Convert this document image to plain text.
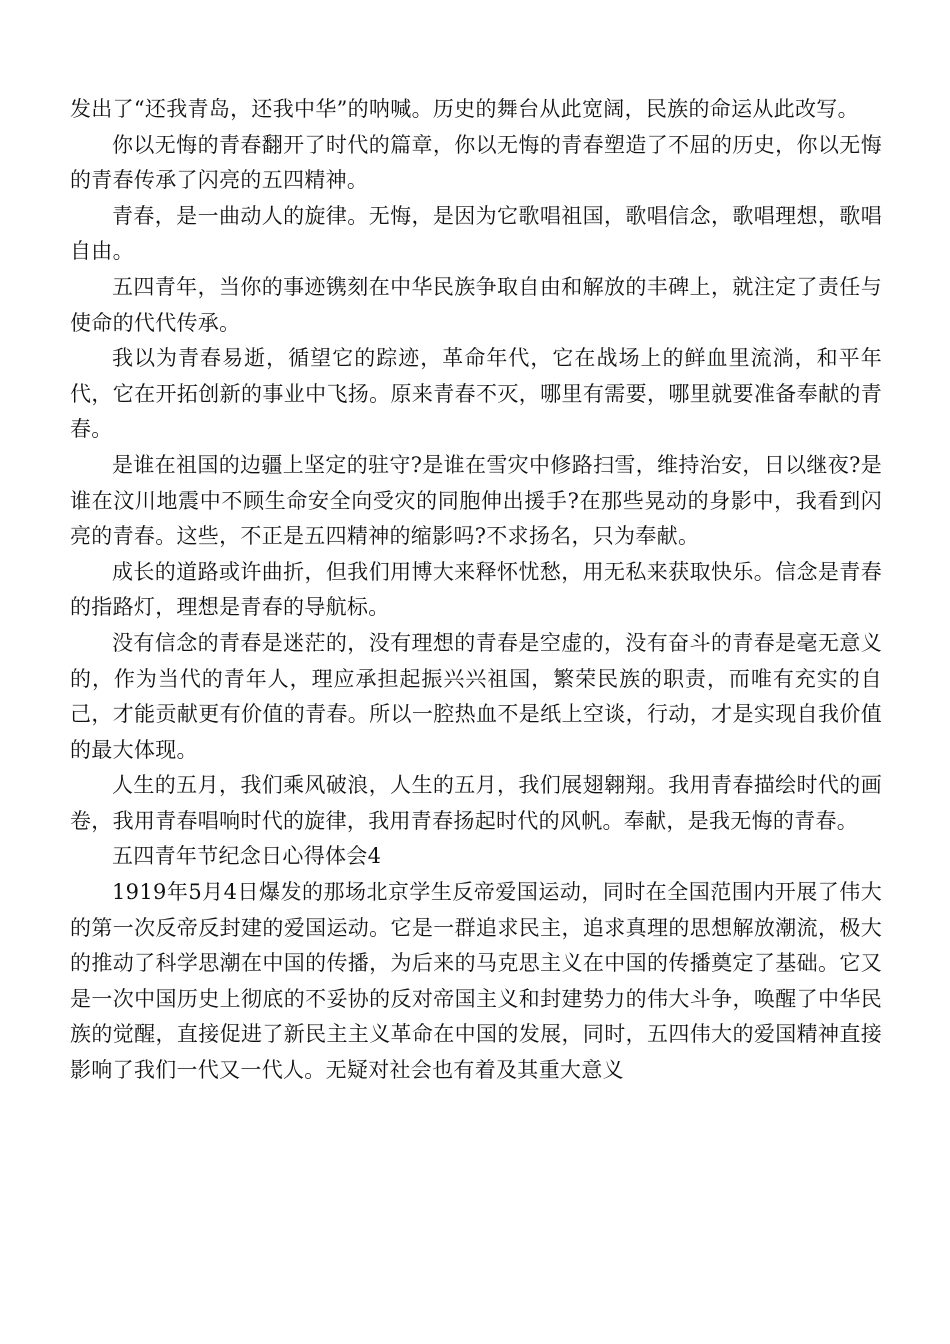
发出了“还我青岛，还我中华”的呐喊。历史的舞台从此宽阔，民族的命运从此改写。

你以无悔的青春翻开了时代的篇章，你以无悔的青春塑造了不屈的历史，你以无悔的青春传承了闪亮的五四精神。

青春，是一曲动人的旋律。无悔，是因为它歌唱祖国，歌唱信念，歌唱理想，歌唱自由。

五四青年，当你的事迹镌刻在中华民族争取自由和解放的丰碑上，就注定了责任与使命的代代传承。

我以为青春易逝，循望它的踪迹，革命年代，它在战场上的鲜血里流淌，和平年代，它在开拓创新的事业中飞扬。原来青春不灭，哪里有需要，哪里就要准备奉献的青春。

是谁在祖国的边疆上坚定的驻守?是谁在雪灾中修路扫雪，维持治安，日以继夜?是谁在汶川地震中不顾生命安全向受灾的同胞伸出援手?在那些晃动的身影中，我看到闪亮的青春。这些，不正是五四精神的缩影吗?不求扬名，只为奉献。

成长的道路或许曲折，但我们用博大来释怀忧愁，用无私来获取快乐。信念是青春的指路灯，理想是青春的导航标。

没有信念的青春是迷茫的，没有理想的青春是空虚的，没有奋斗的青春是毫无意义的，作为当代的青年人，理应承担起振兴兴祖国，繁荣民族的职责，而唯有充实的自己，才能贡献更有价值的青春。所以一腔热血不是纸上空谈，行动，才是实现自我价值的最大体现。

人生的五月，我们乘风破浪，人生的五月，我们展翅翱翔。我用青春描绘时代的画卷，我用青春唱响时代的旋律，我用青春扬起时代的风帆。奉献，是我无悔的青春。

五四青年节纪念日心得体会4

1919年5月4日爆发的那场北京学生反帝爱国运动，同时在全国范围内开展了伟大的第一次反帝反封建的爱国运动。它是一群追求民主，追求真理的思想解放潮流，极大的推动了科学思潮在中国的传播，为后来的马克思主义在中国的传播奠定了基础。它又是一次中国历史上彻底的不妥协的反对帝国主义和封建势力的伟大斗争，唤醒了中华民族的觉醒，直接促进了新民主主义革命在中国的发展，同时，五四伟大的爱国精神直接影响了我们一代又一代人。无疑对社会也有着及其重大意义
